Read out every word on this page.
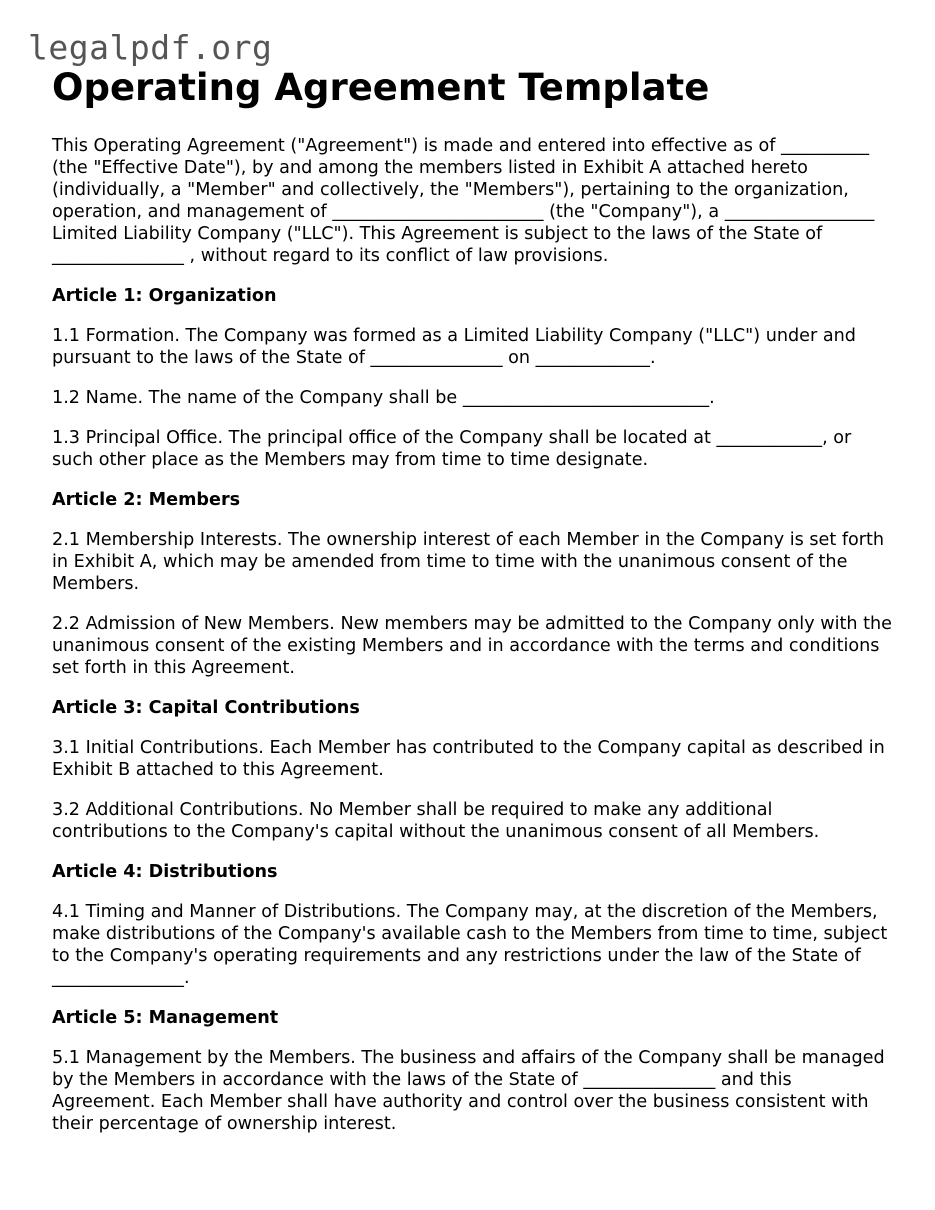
legalpdf.org
Operating Agreement Template

This Operating Agreement ("Agreement") is made and entered into effective as of __________ (the "Effective Date"), by and among the members listed in Exhibit A attached hereto (individually, a "Member" and collectively, the "Members"), pertaining to the organization, operation, and management of ________________________ (the "Company"), a _________________ Limited Liability Company ("LLC"). This Agreement is subject to the laws of the State of _______________ , without regard to its conflict of law provisions.

Article 1: Organization

1.1 Formation. The Company was formed as a Limited Liability Company ("LLC") under and pursuant to the laws of the State of _______________ on _____________.

1.2 Name. The name of the Company shall be ____________________________.

1.3 Principal Office. The principal office of the Company shall be located at ____________, or such other place as the Members may from time to time designate.

Article 2: Members

2.1 Membership Interests. The ownership interest of each Member in the Company is set forth in Exhibit A, which may be amended from time to time with the unanimous consent of the Members.

2.2 Admission of New Members. New members may be admitted to the Company only with the unanimous consent of the existing Members and in accordance with the terms and conditions set forth in this Agreement.

Article 3: Capital Contributions

3.1 Initial Contributions. Each Member has contributed to the Company capital as described in Exhibit B attached to this Agreement.

3.2 Additional Contributions. No Member shall be required to make any additional contributions to the Company's capital without the unanimous consent of all Members.

Article 4: Distributions

4.1 Timing and Manner of Distributions. The Company may, at the discretion of the Members, make distributions of the Company's available cash to the Members from time to time, subject to the Company's operating requirements and any restrictions under the law of the State of _______________.

Article 5: Management

5.1 Management by the Members. The business and affairs of the Company shall be managed by the Members in accordance with the laws of the State of _______________ and this Agreement. Each Member shall have authority and control over the business consistent with their percentage of ownership interest.
